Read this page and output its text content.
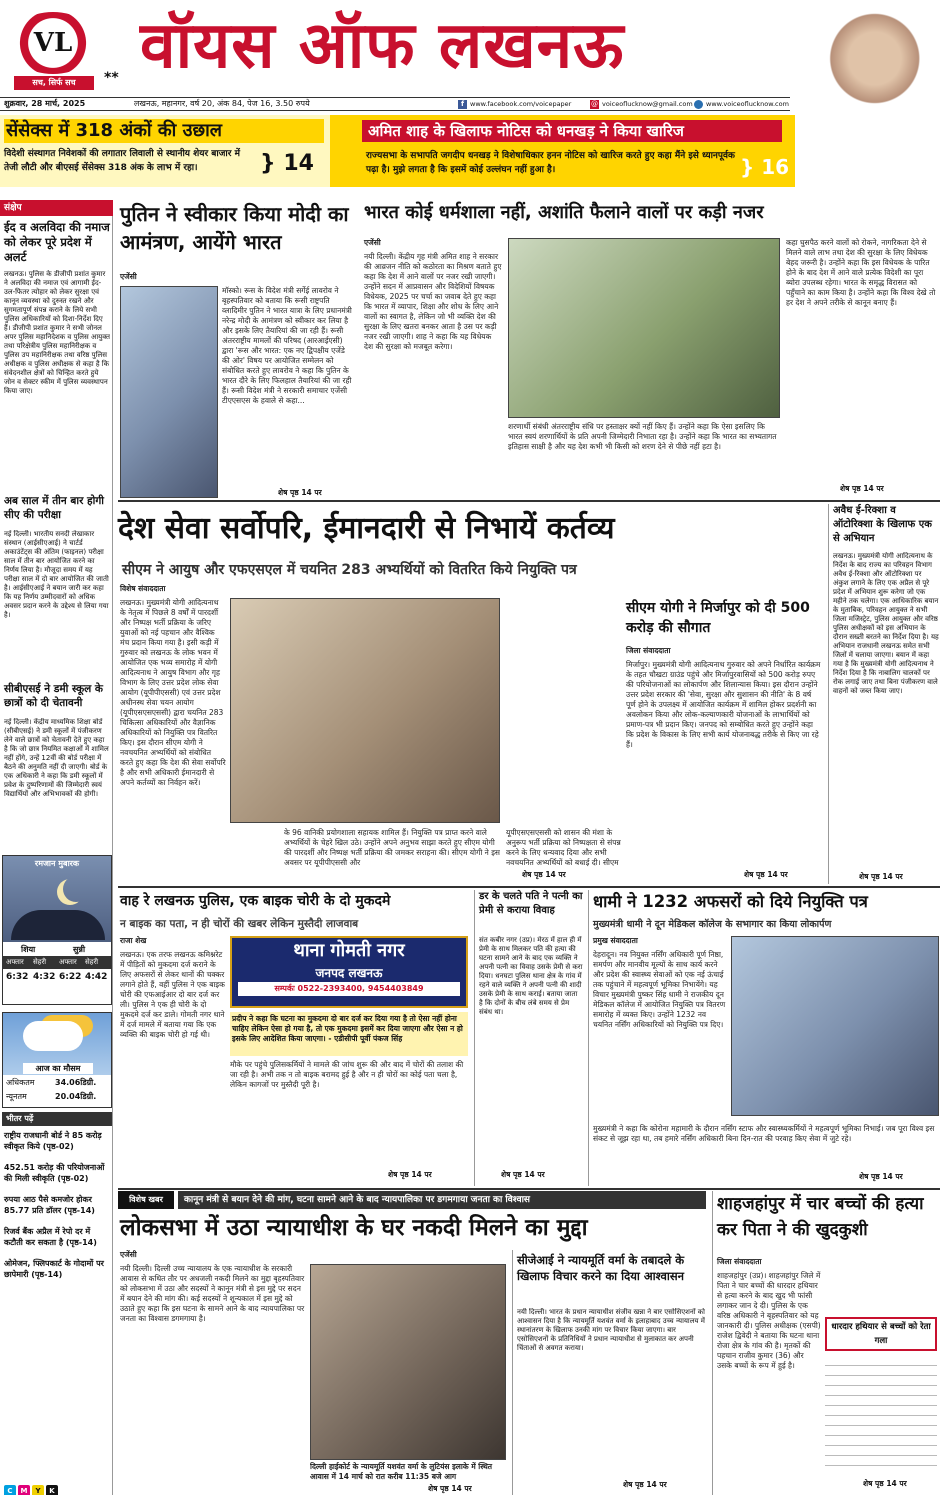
VL
सच, सिर्फ सच	** वॉयस ऑफ लखनऊ
शुक्रवार, 28 मार्च, 2025	लखनऊ, महानगर, वर्ष 20, अंक 84, पेज 16, 3.50 रुपये	f www.facebook.com/voicepaper	@ voiceoflucknow@gmail.com www.voiceoflucknow.com
सेंसेक्स में 318 अंकों की उछाल
विदेशी संस्थागत निवेशकों की लगातार लिवाली से स्थानीय शेयर बाजार में तेजी लौटी और बीएसई सेंसेक्स 318 अंक के लाभ में रहा।	} 14
अमित शाह के खिलाफ नोटिस को धनखड़ ने किया खारिज
राज्यसभा के सभापति जगदीप धनखड़ ने विशेषाधिकार हनन नोटिस को खारिज करते हुए कहा मैंने इसे ध्यानपूर्वक पढ़ा है। मुझे लगता है कि इसमें कोई उल्लंघन नहीं हुआ है।	} 16
संक्षेप
ईद व अलविदा की नमाज को लेकर पूरे प्रदेश में अलर्ट
लखनऊ। पुलिस के डीजीपी प्रशांत कुमार ने अलविदा की नमाज एवं आगामी ईद-उल-फितर त्योहार को लेकर सुरक्षा एवं कानून व्यवस्था को दुरुस्त रखने और सुगमतापूर्ण संपन्न कराने के लिये सभी पुलिस अधिकारियों को दिशा-निर्देश दिए हैं। डीजीपी प्रशांत कुमार ने सभी जोनल अपर पुलिस महानिदेशक व पुलिस आयुक्त तथा परिक्षेत्रीय पुलिस महानिरीक्षक व पुलिस उप महानिरीक्षक तथा वरिष्ठ पुलिस अधीक्षक व पुलिस अधीक्षक से कहा है कि संवेदनशील क्षेत्रों को चिन्हित करते हुये जोन व सेक्टर स्कीम में पुलिस व्यवस्थापन किया जाए।
अब साल में तीन बार होगी सीए की परीक्षा
नई दिल्ली। भारतीय सनदी लेखाकार संस्थान (आईसीएआई) ने चार्टर्ड अकाउंटेंट्स की अंतिम (फाइनल) परीक्षा साल में तीन बार आयोजित करने का निर्णय लिया है। मौजूदा समय में यह परीक्षा साल में दो बार आयोजित की जाती है। आईसीएआई ने बयान जारी कर कहा कि यह निर्णय उम्मीदवारों को अधिक अवसर प्रदान करने के उद्देश्य से लिया गया है।
सीबीएसई ने डमी स्कूल के छात्रों को दी चेतावनी
नई दिल्ली। केंद्रीय माध्यमिक शिक्षा बोर्ड (सीबीएसई) ने डमी स्कूलों में पंजीकरण लेने वाले छात्रों को चेतावनी देते हुए कहा है कि जो छात्र नियमित कक्षाओं में शामिल नहीं होंगे, उन्हें 12वीं की बोर्ड परीक्षा में बैठने की अनुमति नहीं दी जाएगी। बोर्ड के एक अधिकारी ने कहा कि डमी स्कूलों में प्रवेश के दुष्परिणामों की जिम्मेदारी स्वयं विद्यार्थियों और अभिभावकों की होगी।
रमजान मुबारक
शिया	सुन्नी
अफ्तार सेहरी अफ्तार सेहरी
6:32 4:32 6:22 4:42
आज का मौसम
अधिकतम	34.06डिग्री.
न्यूनतम	20.04डिग्री.
भीतर पढ़ें
राष्ट्रीय राजधानी बोर्ड ने 85 करोड़ स्वीकृत किये (पृष्ठ-02)
452.51 करोड़ की परियोजनाओं की मिली स्वीकृति (पृष्ठ-02)
रुपया आठ पैसे कमजोर होकर 85.77 प्रति डॉलर (पृष्ठ-14)
रिजर्व बैंक अप्रैल में रेपो दर में कटौती कर सकता है (पृष्ठ-14)
ओमेजन, फ्लिपकार्ट के गोदामों पर छापेमारी (पृष्ठ-14)
C M Y K
पुतिन ने स्वीकार किया मोदी का आमंत्रण, आयेंगे भारत
एजेंसी
मॉस्को। रूस के विदेश मंत्री सर्गेई लावरोव ने बृहस्पतिवार को बताया कि रूसी राष्ट्रपति व्लादिमीर पुतिन ने भारत यात्रा के लिए प्रधानमंत्री नरेन्द्र मोदी के आमंत्रण को स्वीकार कर लिया है और इसके लिए तैयारियां की जा रही हैं। रूसी अंतरराष्ट्रीय मामलों की परिषद (आरआईएसी) द्वारा 'रूस और भारत: एक नए द्विपक्षीय एजेंडे की ओर' विषय पर आयोजित सम्मेलन को संबोधित करते हुए लावरोव ने कहा कि पुतिन के भारत दौरे के लिए फिलहाल तैयारियां की जा रही हैं। रूसी विदेश मंत्री ने सरकारी समाचार एजेंसी टीएएसएस के हवाले से कहा...
शेष पृष्ठ 14 पर
भारत कोई धर्मशाला नहीं, अशांति फैलाने वालों पर कड़ी नजर
एजेंसी
नयी दिल्ली। केंद्रीय गृह मंत्री अमित शाह ने सरकार की आव्रजन नीति को कठोरता का मिश्रण बताते हुए कहा कि देश में आने वालों पर नजर रखी जाएगी। उन्होंने सदन में आप्रवासन और विदेशियों विषयक विधेयक, 2025 पर चर्चा का जवाब देते हुए कहा कि भारत में व्यापार, शिक्षा और शोध के लिए आने वालों का स्वागत है, लेकिन जो भी व्यक्ति देश की सुरक्षा के लिए खतरा बनकर आता है उस पर कड़ी नजर रखी जाएगी। शाह ने कहा कि यह विधेयक देश की सुरक्षा को मजबूत करेगा।
शरणार्थी संबंधी अंतरराष्ट्रीय संधि पर हस्ताक्षर क्यों नहीं किए हैं। उन्होंने कहा कि ऐसा इसलिए कि भारत स्वयं शरणार्थियों के प्रति अपनी जिम्मेदारी निभाता रहा है। उन्होंने कहा कि भारत का सभ्यतागत इतिहास साक्षी है और यह देश कभी भी किसी को शरण देने से पीछे नहीं हटा है।
कहा घुसपैठ करने वालों को रोकने, नागरिकता देने से मिलने वाले लाभ तथा देश की सुरक्षा के लिए विधेयक बेहद जरूरी है। उन्होंने कहा कि इस विधेयक के पारित होने के बाद देश में आने वाले प्रत्येक विदेशी का पूरा ब्योरा उपलब्ध रहेगा। भारत के समृद्ध विरासत को पहुँचाने का काम किया है। उन्होंने कहा कि विश्व देखे तो हर देश ने अपने तरीके से कानून बनाए हैं।
शेष पृष्ठ 14 पर
देश सेवा सर्वोपरि, ईमानदारी से निभायें कर्तव्य
सीएम ने आयुष और एफएसएल में चयनित 283 अभ्यर्थियों को वितरित किये नियुक्ति पत्र
विशेष संवाददाता
लखनऊ। मुख्यमंत्री योगी आदित्यनाथ के नेतृत्व में पिछले 8 वर्षों में पारदर्शी और निष्पक्ष भर्ती प्रक्रिया के जरिए युवाओं को नई पहचान और वैश्विक मंच प्रदान किया गया है। इसी कड़ी में गुरुवार को लखनऊ के लोक भवन में आयोजित एक भव्य समारोह में योगी आदित्यनाथ ने आयुष विभाग और गृह विभाग के लिए उत्तर प्रदेश लोक सेवा आयोग (यूपीपीएससी) एवं उत्तर प्रदेश अधीनस्थ सेवा चयन आयोग (यूपीएसएसएससी) द्वारा चयनित 283 चिकित्सा अधिकारियों और वैज्ञानिक अधिकारियों को नियुक्ति पत्र वितरित किए। इस दौरान सीएम योगी ने नवचयनित अभ्यर्थियों को संबोधित करते हुए कहा कि देश की सेवा सर्वोपरि है और सभी अधिकारी ईमानदारी से अपने कर्तव्यों का निर्वहन करें।
के 96 वानिकी प्रयोगशाला सहायक शामिल हैं। नियुक्ति पत्र प्राप्त करने वाले अभ्यर्थियों के चेहरे खिल उठे। उन्होंने अपने अनुभव साझा करते हुए सीएम योगी की पारदर्शी और निष्पक्ष भर्ती प्रक्रिया की जमकर सराहना की। सीएम योगी ने इस अवसर पर यूपीपीएससी और
यूपीएसएसएससी को शासन की मंशा के अनुरूप भर्ती प्रक्रिया को निष्पक्षता से संपन्न करने के लिए धन्यवाद दिया और सभी नवचयनित अभ्यर्थियों को बधाई दी। सीएम
शेष पृष्ठ 14 पर
सीएम योगी ने मिर्जापुर को दी 500 करोड़ की सौगात
जिला संवाददाता
मिर्जापुर। मुख्यमंत्री योगी आदित्यनाथ गुरुवार को अपने निर्धारित कार्यक्रम के तहत चौखटा ग्राउंड पहुंचे और मिर्जापुरवासियों को 500 करोड़ रुपए की परियोजनाओं का लोकार्पण और शिलान्यास किया। इस दौरान उन्होंने उत्तर प्रदेश सरकार की 'सेवा, सुरक्षा और सुशासन की नीति' के 8 वर्ष पूर्ण होने के उपलक्ष्य में आयोजित कार्यक्रम में शामिल होकर प्रदर्शनी का अवलोकन किया और लोक-कल्याणकारी योजनाओं के लाभार्थियों को प्रमाण-पत्र भी प्रदान किए। जनपद को सम्बोधित करते हुए उन्होंने कहा कि प्रदेश के विकास के लिए सभी कार्य योजनाबद्ध तरीके से किए जा रहे हैं।
शेष पृष्ठ 14 पर
अवैध ई-रिक्शा व ऑटोरिक्शा के खिलाफ एक से अभियान
लखनऊ। मुख्यमंत्री योगी आदित्यनाथ के निर्देश के बाद राज्य का परिवहन विभाग अवैध ई-रिक्शा और ऑटोरिक्शा पर अंकुश लगाने के लिए एक अप्रैल से पूरे प्रदेश में अभियान शुरू करेगा जो एक महीने तक चलेगा। एक आधिकारिक बयान के मुताबिक, परिवहन आयुक्त ने सभी जिला मजिस्ट्रेट, पुलिस आयुक्त और वरिष्ठ पुलिस अधीक्षकों को इस अभियान के दौरान सख्ती बरतने का निर्देश दिया है। यह अभियान राजधानी लखनऊ समेत सभी जिलों में चलाया जाएगा। बयान में कहा गया है कि मुख्यमंत्री योगी आदित्यनाथ ने निर्देश दिया है कि नाबालिग चालकों पर रोक लगाई जाए तथा बिना पंजीकरण वाले वाहनों को जब्त किया जाए।
शेष पृष्ठ 14 पर
वाह रे लखनऊ पुलिस, एक बाइक चोरी के दो मुकदमे
न बाइक का पता, न ही चोरों की खबर लेकिन मुस्तैदी लाजवाब
राजा शेख	थाना गोमती नगर
जनपद लखनऊ
सम्पर्कः 0522-2393400, 9454403849
लखनऊ। एक तरफ लखनऊ कमिश्नरेट में पीड़ितों को मुकदमा दर्ज कराने के लिए अफसरों से लेकर थानों की चक्कर लगाने होते हैं, वहीं पुलिस ने एक बाइक चोरी की एफआईआर दो बार दर्ज कर ली। पुलिस ने एक ही चोरी के दो मुकदमे दर्ज कर डाले। गोमती नगर थाने में दर्ज मामले में बताया गया कि एक व्यक्ति की बाइक चोरी हो गई थी।
प्रदीप ने कहा कि घटना का मुकदमा दो बार दर्ज कर दिया गया है तो ऐसा नहीं होना चाहिए लेकिन ऐसा हो गया है, तो एक मुकदमा इसमें कर दिया जाएगा और ऐसा न हो इसके लिए आदेशित किया जाएगा। - एडीसीपी पूर्वी पंकज सिंह
मौके पर पहुंचे पुलिसकर्मियों ने मामले की जांच शुरू की और बाद में चोरों की तलाश की जा रही है। अभी तक न तो बाइक बरामद हुई है और न ही चोरों का कोई पता चला है, लेकिन कागजों पर मुस्तैदी पूरी है।
शेष पृष्ठ 14 पर
डर के चलते पति ने पत्नी का प्रेमी से कराया विवाह
संत कबीर नगर (उप्र)। मेरठ में हाल ही में प्रेमी के साथ मिलकर पति की हत्या की घटना सामने आने के बाद एक व्यक्ति ने अपनी पत्नी का विवाह उसके प्रेमी से करा दिया। धनघटा पुलिस थाना क्षेत्र के गांव में रहने वाले व्यक्ति ने अपनी पत्नी की शादी उसके प्रेमी के साथ कराई। बताया जाता है कि दोनों के बीच लंबे समय से प्रेम संबंध था।
शेष पृष्ठ 14 पर
धामी ने 1232 अफसरों को दिये नियुक्ति पत्र
मुख्यमंत्री धामी ने दून मेडिकल कॉलेज के सभागार का किया लोकार्पण
प्रमुख संवाददाता
देहरादून। नव नियुक्त नर्सिंग अधिकारी पूर्ण निष्ठा, समर्पण और मानवीय मूल्यों के साथ कार्य करने और प्रदेश की स्वास्थ्य सेवाओं को एक नई ऊंचाई तक पहुंचाने में महत्वपूर्ण भूमिका निभायेंगे। यह विचार मुख्यमंत्री पुष्कर सिंह धामी ने राजकीय दून मेडिकल कॉलेज में आयोजित नियुक्ति पत्र वितरण समारोह में व्यक्त किए। उन्होंने 1232 नव चयनित नर्सिंग अधिकारियों को नियुक्ति पत्र दिए।
मुख्यमंत्री ने कहा कि कोरोना महामारी के दौरान नर्सिंग स्टाफ और स्वास्थ्यकर्मियों ने महत्वपूर्ण भूमिका निभाई। जब पूरा विश्व इस संकट से जूझ रहा था, तब हमारे नर्सिंग अधिकारी बिना दिन-रात की परवाह किए सेवा में जुटे रहे।
शेष पृष्ठ 14 पर
विशेष खबर	कानून मंत्री से बयान देने की मांग, घटना सामने आने के बाद न्यायपालिका पर डगमगाया जनता का विश्वास
लोकसभा में उठा न्यायाधीश के घर नकदी मिलने का मुद्दा
एजेंसी
नयी दिल्ली। दिल्ली उच्च न्यायालय के एक न्यायाधीश के सरकारी आवास से कथित तौर पर अधजली नकदी मिलने का मुद्दा बृहस्पतिवार को लोकसभा में उठा और सदस्यों ने कानून मंत्री से इस मुद्दे पर सदन में बयान देने की मांग की। कई सदस्यों ने शून्यकाल में इस मुद्दे को उठाते हुए कहा कि इस घटना के सामने आने के बाद न्यायपालिका पर जनता का विश्वास डगमगाया है।
दिल्ली हाईकोर्ट के न्यायमूर्ति यशवंत वर्मा के लुटियंस इलाके में स्थित आवास में 14 मार्च को रात करीब 11:35 बजे आग
शेष पृष्ठ 14 पर
सीजेआई ने न्यायमूर्ति वर्मा के तबादले के खिलाफ विचार करने का दिया आश्वासन
नयी दिल्ली। भारत के प्रधान न्यायाधीश संजीव खन्ना ने बार एसोसिएशनों को आश्वासन दिया है कि न्यायमूर्ति यशवंत वर्मा के इलाहाबाद उच्च न्यायालय में स्थानांतरण के खिलाफ उनकी मांग पर विचार किया जाएगा। बार एसोसिएशनों के प्रतिनिधियों ने प्रधान न्यायाधीश से मुलाकात कर अपनी चिंताओं से अवगत कराया।
शेष पृष्ठ 14 पर
शाहजहांपुर में चार बच्चों की हत्या कर पिता ने की खुदकुशी
जिला संवाददाता
शाहजहांपुर (उप्र)। शाहजहांपुर जिले में पिता ने चार बच्चों की धारदार हथियार से हत्या करने के बाद खुद भी फांसी लगाकर जान दे दी। पुलिस के एक वरिष्ठ अधिकारी ने बृहस्पतिवार को यह जानकारी दी। पुलिस अधीक्षक (एसपी) राजेश द्विवेदी ने बताया कि घटना थाना रोजा क्षेत्र के गांव की है। मृतकों की पहचान राजीव कुमार (36) और उसके बच्चों के रूप में हुई है।
धारदार हथियार से बच्चों को रेता गला
शेष पृष्ठ 14 पर
